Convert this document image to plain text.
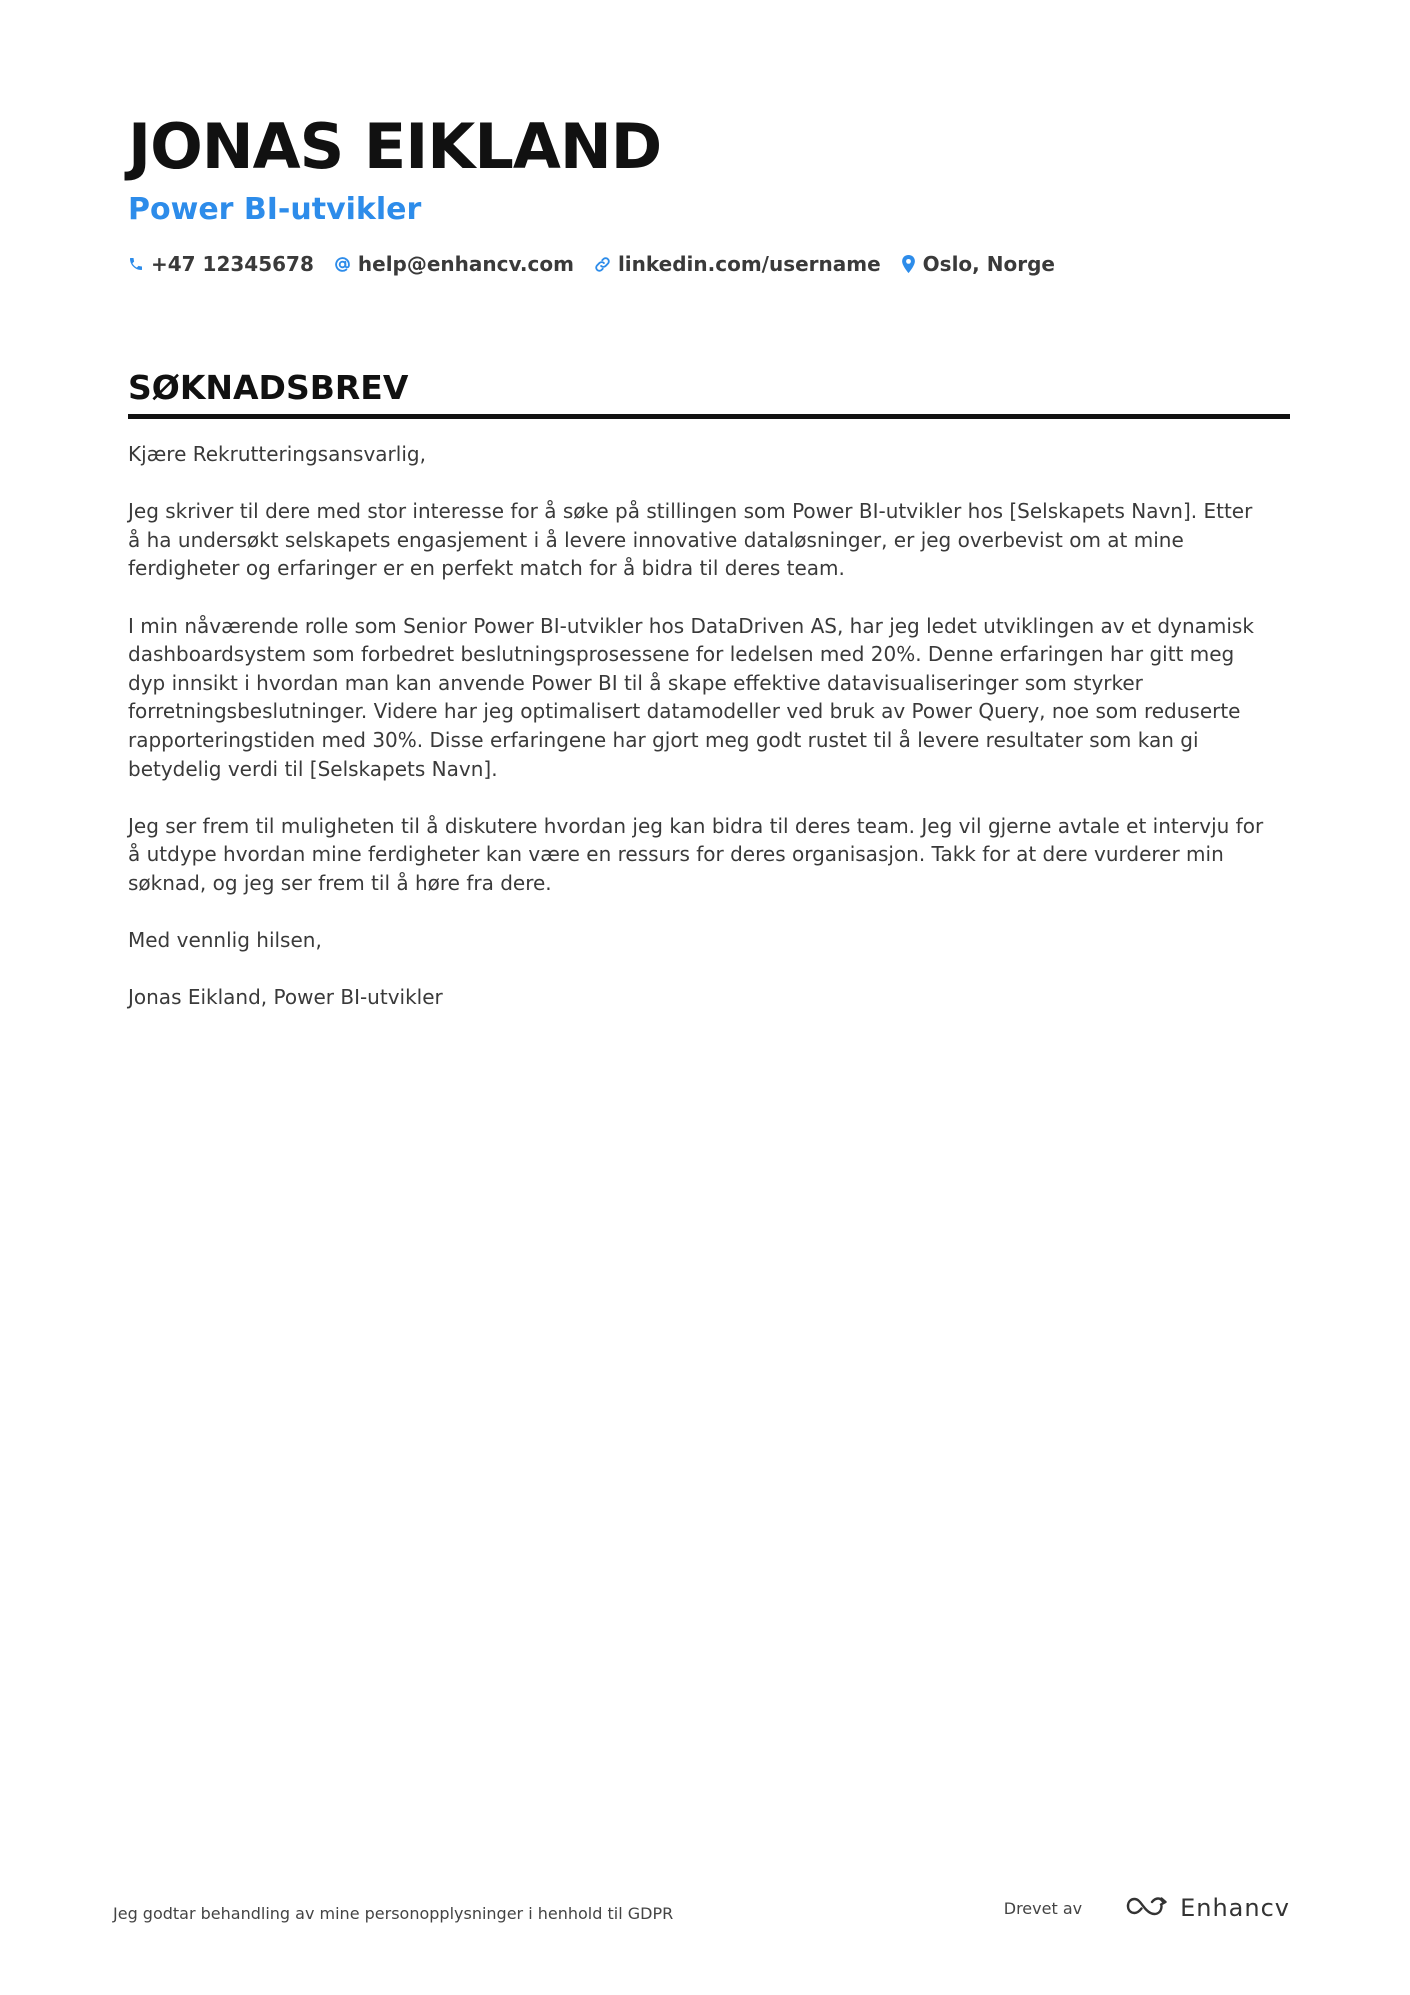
JONAS EIKLAND
Power BI-utvikler
+47 12345678 help@enhancv.com linkedin.com/username Oslo, Norge
SØKNADSBREV

Kjære Rekrutteringsansvarlig,

Jeg skriver til dere med stor interesse for å søke på stillingen som Power BI-utvikler hos [Selskapets Navn]. Etter å ha undersøkt selskapets engasjement i å levere innovative dataløsninger, er jeg overbevist om at mine ferdigheter og erfaringer er en perfekt match for å bidra til deres team.

I min nåværende rolle som Senior Power BI-utvikler hos DataDriven AS, har jeg ledet utviklingen av et dynamisk dashboardsystem som forbedret beslutningsprosessene for ledelsen med 20%. Denne erfaringen har gitt meg dyp innsikt i hvordan man kan anvende Power BI til å skape effektive datavisualiseringer som styrker forretningsbeslutninger. Videre har jeg optimalisert datamodeller ved bruk av Power Query, noe som reduserte rapporteringstiden med 30%. Disse erfaringene har gjort meg godt rustet til å levere resultater som kan gi betydelig verdi til [Selskapets Navn].

Jeg ser frem til muligheten til å diskutere hvordan jeg kan bidra til deres team. Jeg vil gjerne avtale et intervju for å utdype hvordan mine ferdigheter kan være en ressurs for deres organisasjon. Takk for at dere vurderer min søknad, og jeg ser frem til å høre fra dere.

Med vennlig hilsen,

Jonas Eikland, Power BI-utvikler

Jeg godtar behandling av mine personopplysninger i henhold til GDPR	Drevet av	Enhancv
